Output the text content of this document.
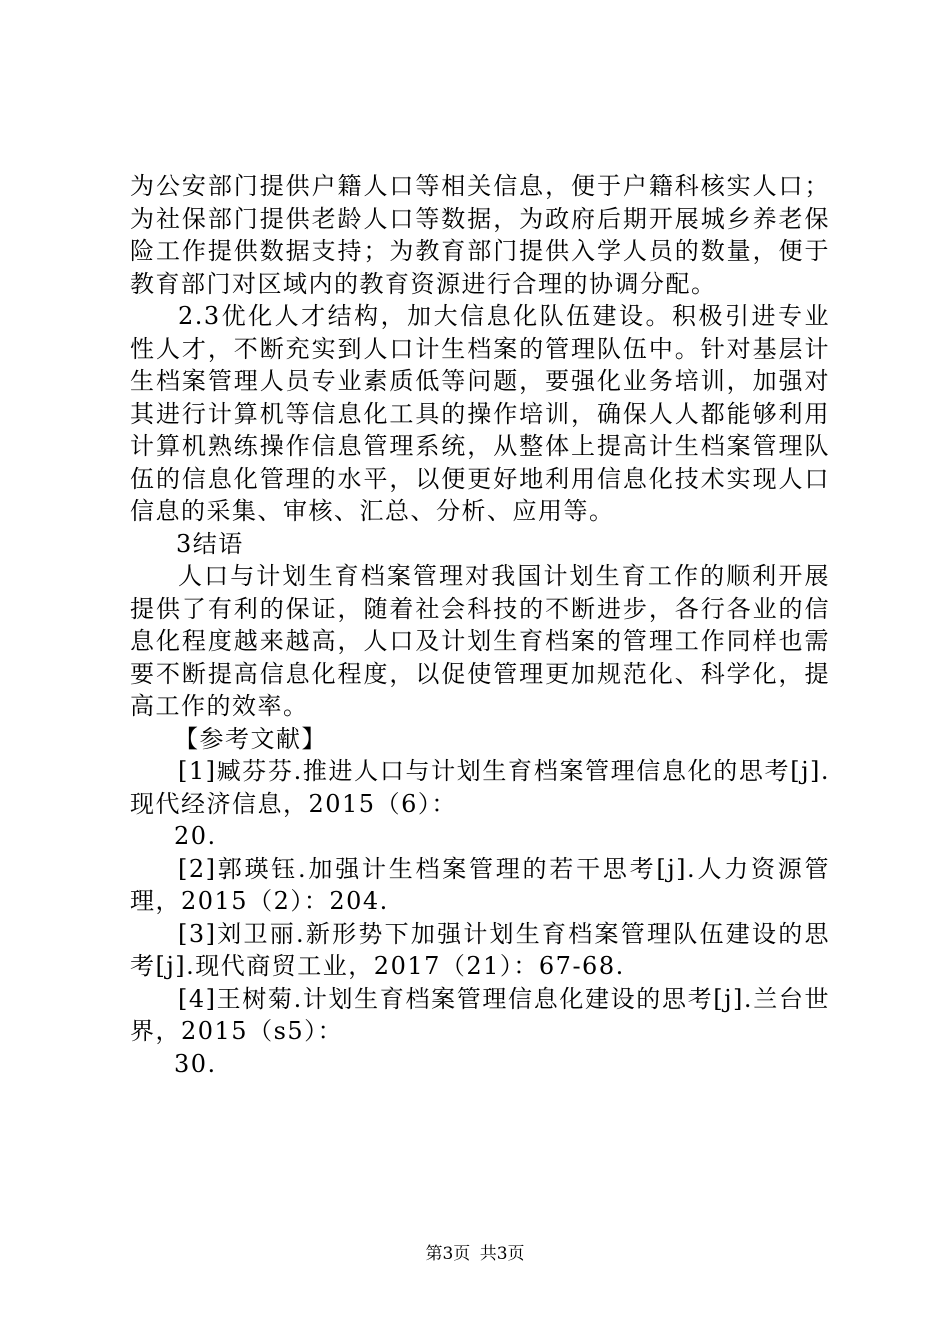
为公安部门提供户籍人口等相关信息，便于户籍科核实人口；为社保部门提供老龄人口等数据，为政府后期开展城乡养老保险工作提供数据支持；为教育部门提供入学人员的数量，便于教育部门对区域内的教育资源进行合理的协调分配。

2.3优化人才结构，加大信息化队伍建设。积极引进专业性人才，不断充实到人口计生档案的管理队伍中。针对基层计生档案管理人员专业素质低等问题，要强化业务培训，加强对其进行计算机等信息化工具的操作培训，确保人人都能够利用计算机熟练操作信息管理系统，从整体上提高计生档案管理队伍的信息化管理的水平，以便更好地利用信息化技术实现人口信息的采集、审核、汇总、分析、应用等。

3结语

人口与计划生育档案管理对我国计划生育工作的顺利开展提供了有利的保证，随着社会科技的不断进步，各行各业的信息化程度越来越高，人口及计划生育档案的管理工作同样也需要不断提高信息化程度，以促使管理更加规范化、科学化，提高工作的效率。

【参考文献】

[1]臧芬芬.推进人口与计划生育档案管理信息化的思考[j].现代经济信息，2015（6）：

20.

[2]郭瑛钰.加强计生档案管理的若干思考[j].人力资源管理，2015（2）：204.

[3]刘卫丽.新形势下加强计划生育档案管理队伍建设的思考[j].现代商贸工业，2017（21）：67-68.

[4]王树菊.计划生育档案管理信息化建设的思考[j].兰台世界，2015（s5）：

30.

第3页 共3页
